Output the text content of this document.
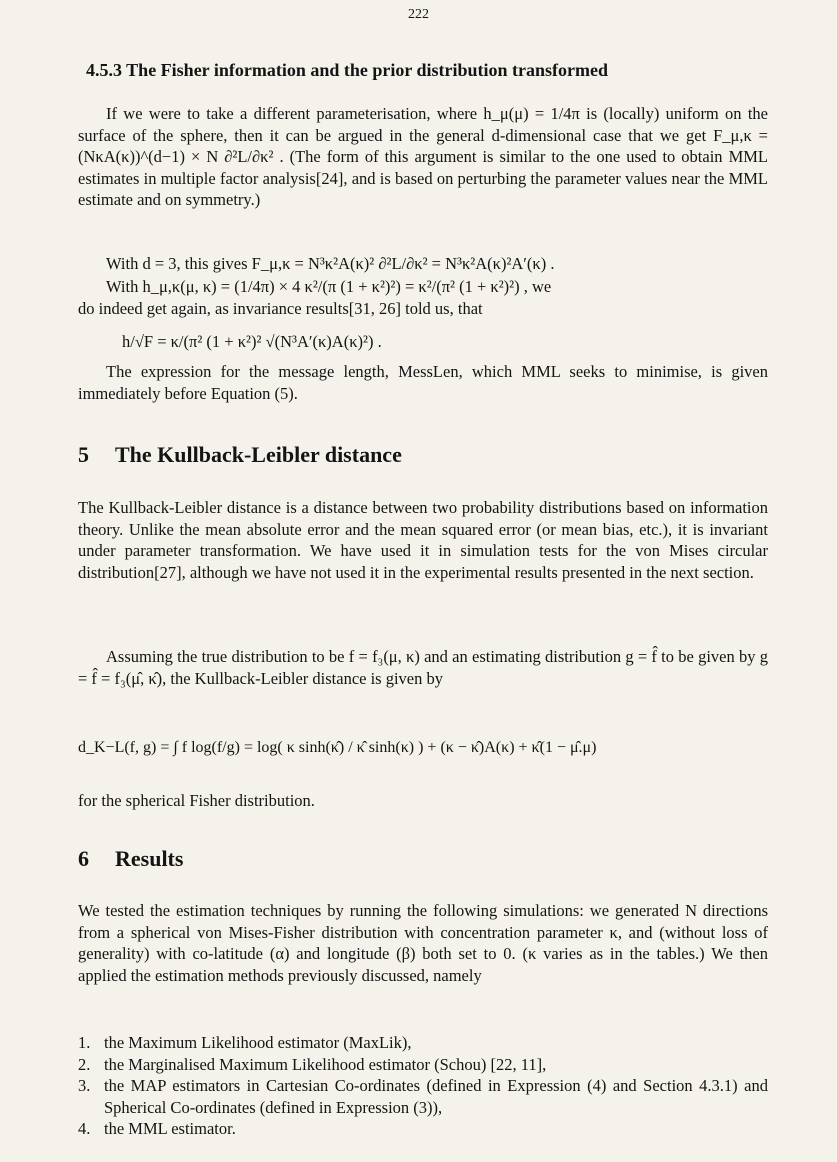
222
4.5.3 The Fisher information and the prior distribution transformed
If we were to take a different parameterisation, where h_μ(μ) = 1/4π is (locally) uniform on the surface of the sphere, then it can be argued in the general d-dimensional case that we get F_μ,κ = (NκA(κ))^(d−1) × N ∂²L/∂κ² . (The form of this argument is similar to the one used to obtain MML estimates in multiple factor analysis[24], and is based on perturbing the parameter values near the MML estimate and on symmetry.)
With d = 3, this gives F_μ,κ = N³κ²A(κ)² ∂²L/∂κ² = N³κ²A(κ)²A′(κ) .
With h_μ,κ(μ, κ) = (1/4π) × 4 κ²/(π (1 + κ²)²) = κ²/(π² (1 + κ²)²) , we
do indeed get again, as invariance results[31, 26] told us, that
h/√F = κ/(π² (1 + κ²)² √(N³A′(κ)A(κ)²) .
The expression for the message length, MessLen, which MML seeks to minimise, is given immediately before Equation (5).
5 The Kullback-Leibler distance
The Kullback-Leibler distance is a distance between two probability distributions based on information theory. Unlike the mean absolute error and the mean squared error (or mean bias, etc.), it is invariant under parameter transformation. We have used it in simulation tests for the von Mises circular distribution[27], although we have not used it in the experimental results presented in the next section.
Assuming the true distribution to be f = f₃(μ, κ) and an estimating distribution g = f̂ to be given by g = f̂ = f₃(μ̂, κ̂), the Kullback-Leibler distance is given by
d_K−L(f, g) = ∫ f log(f/g) = log( κ sinh(κ̂) / κ̂ sinh(κ) ) + (κ − κ̂)A(κ) + κ̂(1 − μ̂.μ)
for the spherical Fisher distribution.
6 Results
We tested the estimation techniques by running the following simulations: we generated N directions from a spherical von Mises-Fisher distribution with concentration parameter κ, and (without loss of generality) with co-latitude (α) and longitude (β) both set to 0. (κ varies as in the tables.) We then applied the estimation methods previously discussed, namely
1. the Maximum Likelihood estimator (MaxLik),
2. the Marginalised Maximum Likelihood estimator (Schou) [22, 11],
3. the MAP estimators in Cartesian Co-ordinates (defined in Expression (4) and Section 4.3.1) and Spherical Co-ordinates (defined in Expression (3)),
4. the MML estimator.
